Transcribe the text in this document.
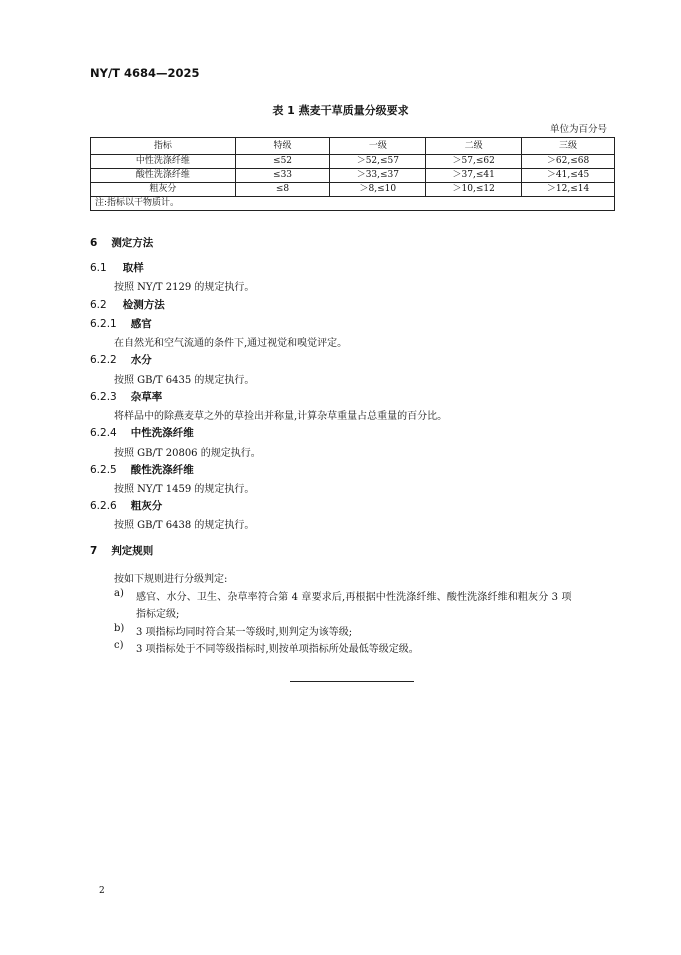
NY/T 4684—2025
表 1 燕麦干草质量分级要求
单位为百分号
指标	特级	一级	二级	三级
中性洗涤纤维	≤52	＞52,≤57	＞57,≤62	＞62,≤68
酸性洗涤纤维	≤33	＞33,≤37	＞37,≤41	＞41,≤45
粗灰分	≤8	＞8,≤10	＞10,≤12	＞12,≤14
注:指标以干物质计。				
6 测定方法
6.1 取样
按照 NY/T 2129 的规定执行。
6.2 检测方法
6.2.1 感官
在自然光和空气流通的条件下,通过视觉和嗅觉评定。
6.2.2 水分
按照 GB/T 6435 的规定执行。
6.2.3 杂草率
将样品中的除燕麦草之外的草捡出并称量,计算杂草重量占总重量的百分比。
6.2.4 中性洗涤纤维
按照 GB/T 20806 的规定执行。
6.2.5 酸性洗涤纤维
按照 NY/T 1459 的规定执行。
6.2.6 粗灰分
按照 GB/T 6438 的规定执行。
7 判定规则
按如下规则进行分级判定:
a) 感官、水分、卫生、杂草率符合第 4 章要求后,再根据中性洗涤纤维、酸性洗涤纤维和粗灰分 3 项
指标定级;
b) 3 项指标均同时符合某一等级时,则判定为该等级;
c) 3 项指标处于不同等级指标时,则按单项指标所处最低等级定级。
2
